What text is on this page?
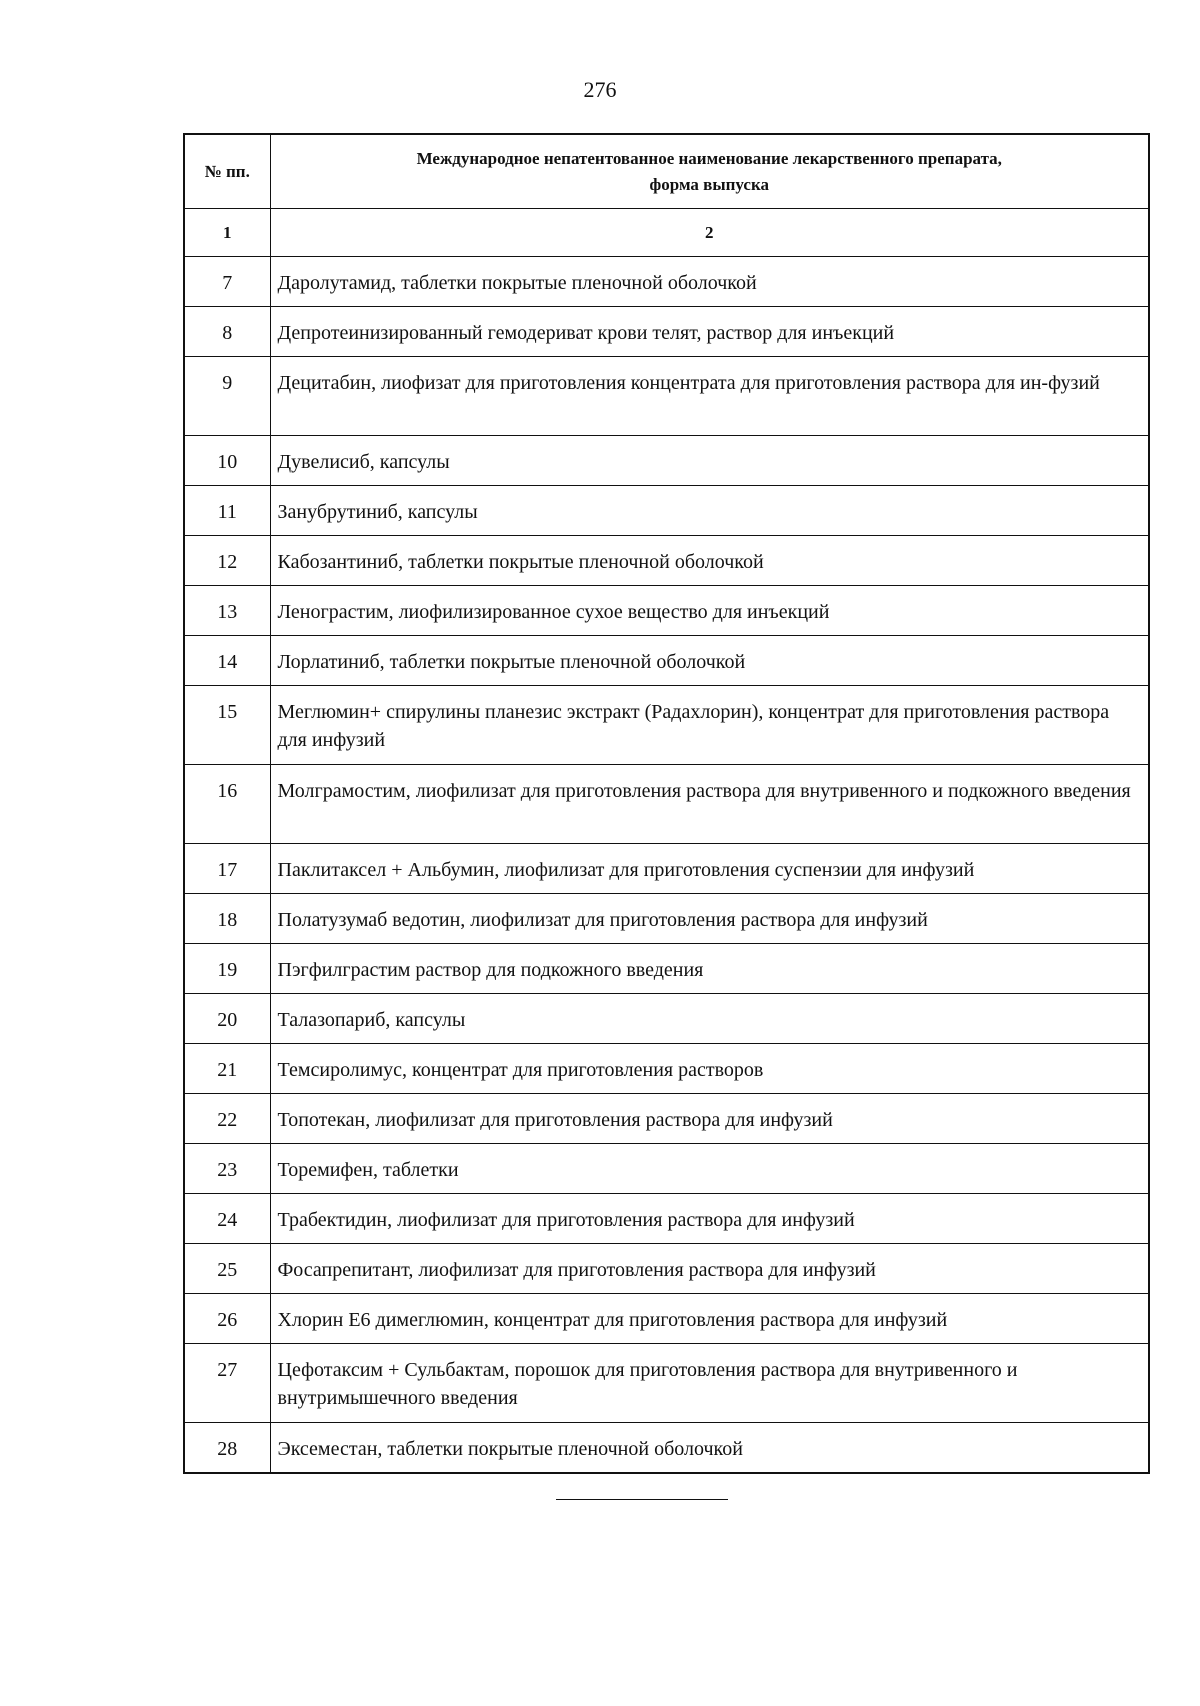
276
№ пп.	Международное непатентованное наименование лекарственного препарата,
форма выпуска
1	2
7	Даролутамид, таблетки покрытые пленочной оболочкой
8	Депротеинизированный гемодериват крови телят, раствор для инъекций
9	Децитабин, лиофизат для приготовления концентрата для приготовления раствора для ин-фузий
10	Дувелисиб, капсулы
11	Занубрутиниб, капсулы
12	Кабозантиниб, таблетки покрытые пленочной оболочкой
13	Ленограстим, лиофилизированное сухое вещество для инъекций
14	Лорлатиниб, таблетки покрытые пленочной оболочкой
15	Меглюмин+ спирулины планезис экстракт (Радахлорин), концентрат для приготовления раствора для инфузий
16	Молграмостим, лиофилизат для приготовления раствора для внутривенного и подкожного введения
17	Паклитаксел + Альбумин, лиофилизат для приготовления суспензии для инфузий
18	Полатузумаб ведотин, лиофилизат для приготовления раствора для инфузий
19	Пэгфилграстим раствор для подкожного введения
20	Талазопариб, капсулы
21	Темсиролимус, концентрат для приготовления растворов
22	Топотекан, лиофилизат для приготовления раствора для инфузий
23	Торемифен, таблетки
24	Трабектидин, лиофилизат для приготовления раствора для инфузий
25	Фосапрепитант, лиофилизат для приготовления раствора для инфузий
26	Хлорин Е6 димеглюмин, концентрат для приготовления раствора для инфузий
27	Цефотаксим + Сульбактам, порошок для приготовления раствора для внутривенного и внутримышечного введения
28	Эксеместан, таблетки покрытые пленочной оболочкой
